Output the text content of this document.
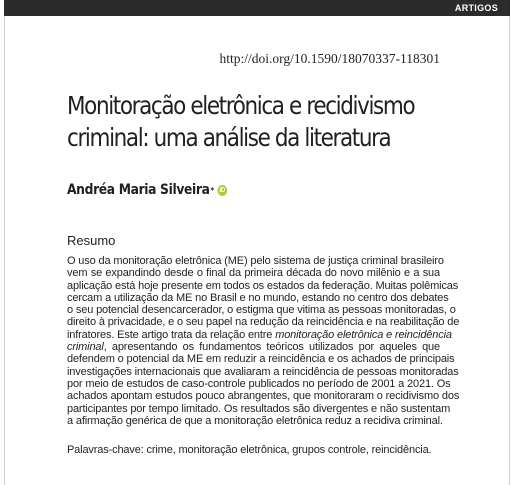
ARTIGOS
http://doi.org/10.1590/18070337-118301
Monitoração eletrônica e recidivismo
criminal: uma análise da literatura
Andréa Maria Silveira * iD
Resumo

O uso da monitoração eletrônica (ME) pelo sistema de justiça criminal brasileiro
vem se expandindo desde o final da primeira década do novo milênio e a sua
aplicação está hoje presente em todos os estados da federação. Muitas polêmicas
cercam a utilização da ME no Brasil e no mundo, estando no centro dos debates
o seu potencial desencarcerador, o estigma que vitima as pessoas monitoradas, o
direito à privacidade, e o seu papel na redução da reincidência e na reabilitação de
infratores. Este artigo trata da relação entre monitoração eletrônica e reincidência
criminal, apresentando os fundamentos teóricos utilizados por aqueles que
defendem o potencial da ME em reduzir a reincidência e os achados de principais
investigações internacionais que avaliaram a reincidência de pessoas monitoradas
por meio de estudos de caso-controle publicados no período de 2001 a 2021. Os
achados apontam estudos pouco abrangentes, que monitoraram o recidivismo dos
participantes por tempo limitado. Os resultados são divergentes e não sustentam
a afirmação genérica de que a monitoração eletrônica reduz a recidiva criminal.

Palavras-chave: crime, monitoração eletrônica, grupos controle, reincidência.
